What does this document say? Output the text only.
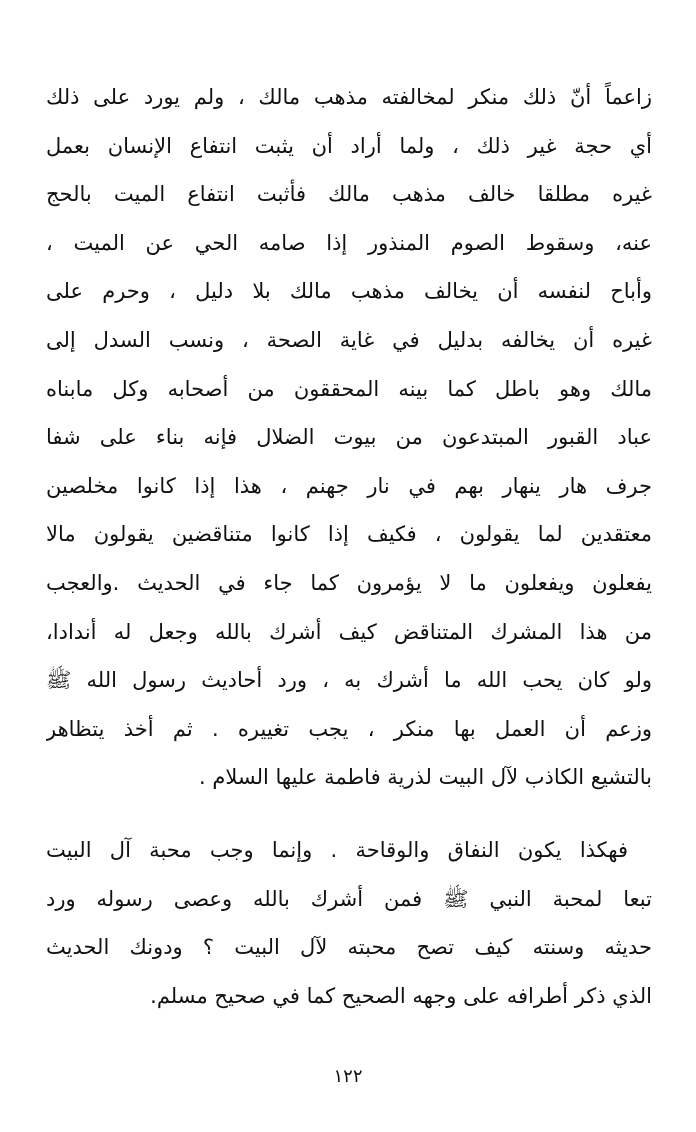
زاعماً أنّ ذلك منكر لمخالفته مذهب مالك ، ولم يورد على ذلك
أي حجة غير ذلك ، ولما أراد أن يثبت انتفاع الإنسان بعمل
غيره مطلقا خالف مذهب مالك فأثبت انتفاع الميت بالحج
عنه، وسقوط الصوم المنذور إذا صامه الحي عن الميت ،
وأباح لنفسه أن يخالف مذهب مالك بلا دليل ، وحرم على
غيره أن يخالفه بدليل في غاية الصحة ، ونسب السدل إلى
مالك وهو باطل كما بينه المحققون من أصحابه وكل مابناه
عباد القبور المبتدعون من بيوت الضلال فإنه بناء على شفا
جرف هار ينهار بهم في نار جهنم ، هذا إذا كانوا مخلصين
معتقدين لما يقولون ، فكيف إذا كانوا متناقضين يقولون مالا
يفعلون ويفعلون ما لا يؤمرون كما جاء في الحديث .والعجب
من هذا المشرك المتناقض كيف أشرك بالله وجعل له أندادا،
ولو كان يحب الله ما أشرك به ، ورد أحاديث رسول الله ﷺ
وزعم أن العمل بها منكر ، يجب تغييره . ثم أخذ يتظاهر
بالتشيع الكاذب لآل البيت لذرية فاطمة عليها السلام .
فهكذا يكون النفاق والوقاحة . وإنما وجب محبة آل البيت
تبعا لمحبة النبي ﷺ فمن أشرك بالله وعصى رسوله ورد
حديثه وسنته كيف تصح محبته لآل البيت ؟ ودونك الحديث
الذي ذكر أطرافه على وجهه الصحيح كما في صحيح مسلم.
١٢٢
